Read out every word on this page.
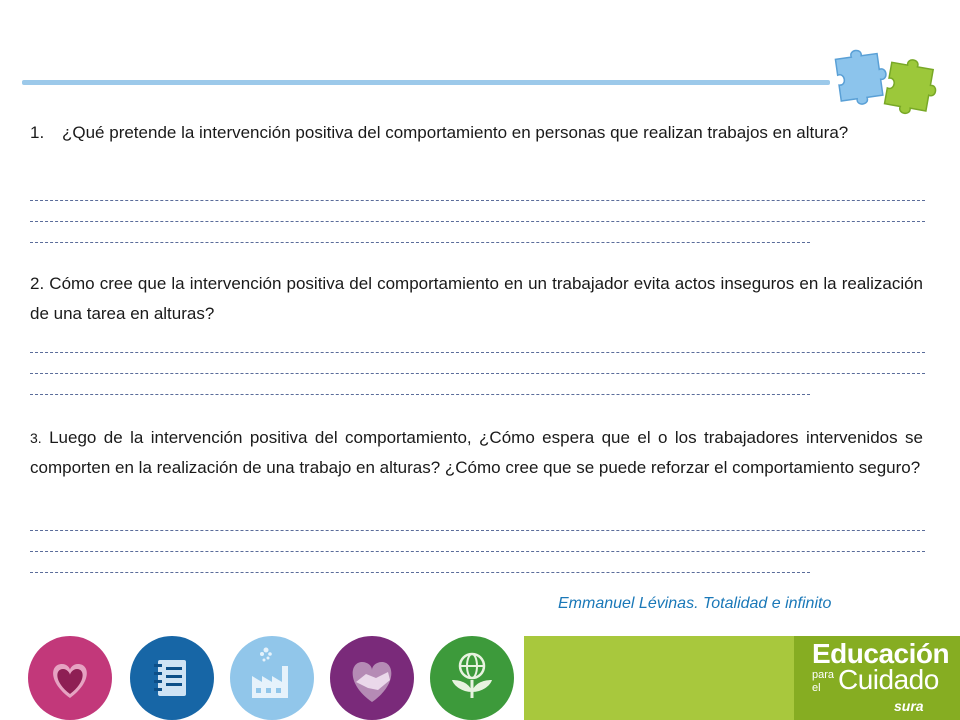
1.	¿Qué pretende la intervención positiva del comportamiento en personas que realizan trabajos en altura?
2. Cómo cree que la intervención positiva del comportamiento en un trabajador evita actos inseguros en la realización de una tarea en alturas?
3. Luego de la intervención positiva del comportamiento, ¿Cómo espera que el o los trabajadores intervenidos se comporten en la realización de una trabajo en alturas? ¿Cómo cree que se puede reforzar el comportamiento seguro?
Emmanuel Lévinas. Totalidad e infinito
Educación
para
el Cuidado
sura
